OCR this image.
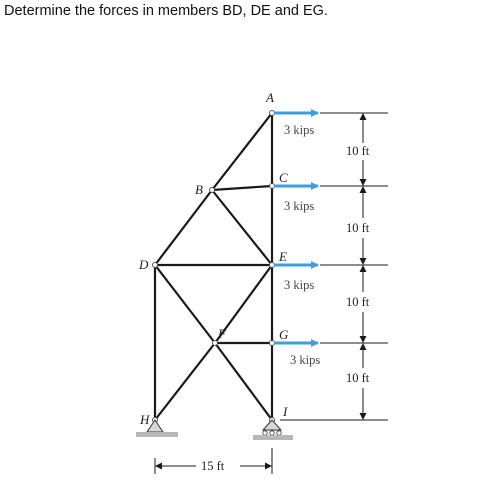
Determine the forces in members BD, DE and EG.
A
B
C
D
E
F	G
H
I
3 kips
3 kips
3 kips
3 kips
10 ft
10 ft
10 ft
10 ft
15 ft
